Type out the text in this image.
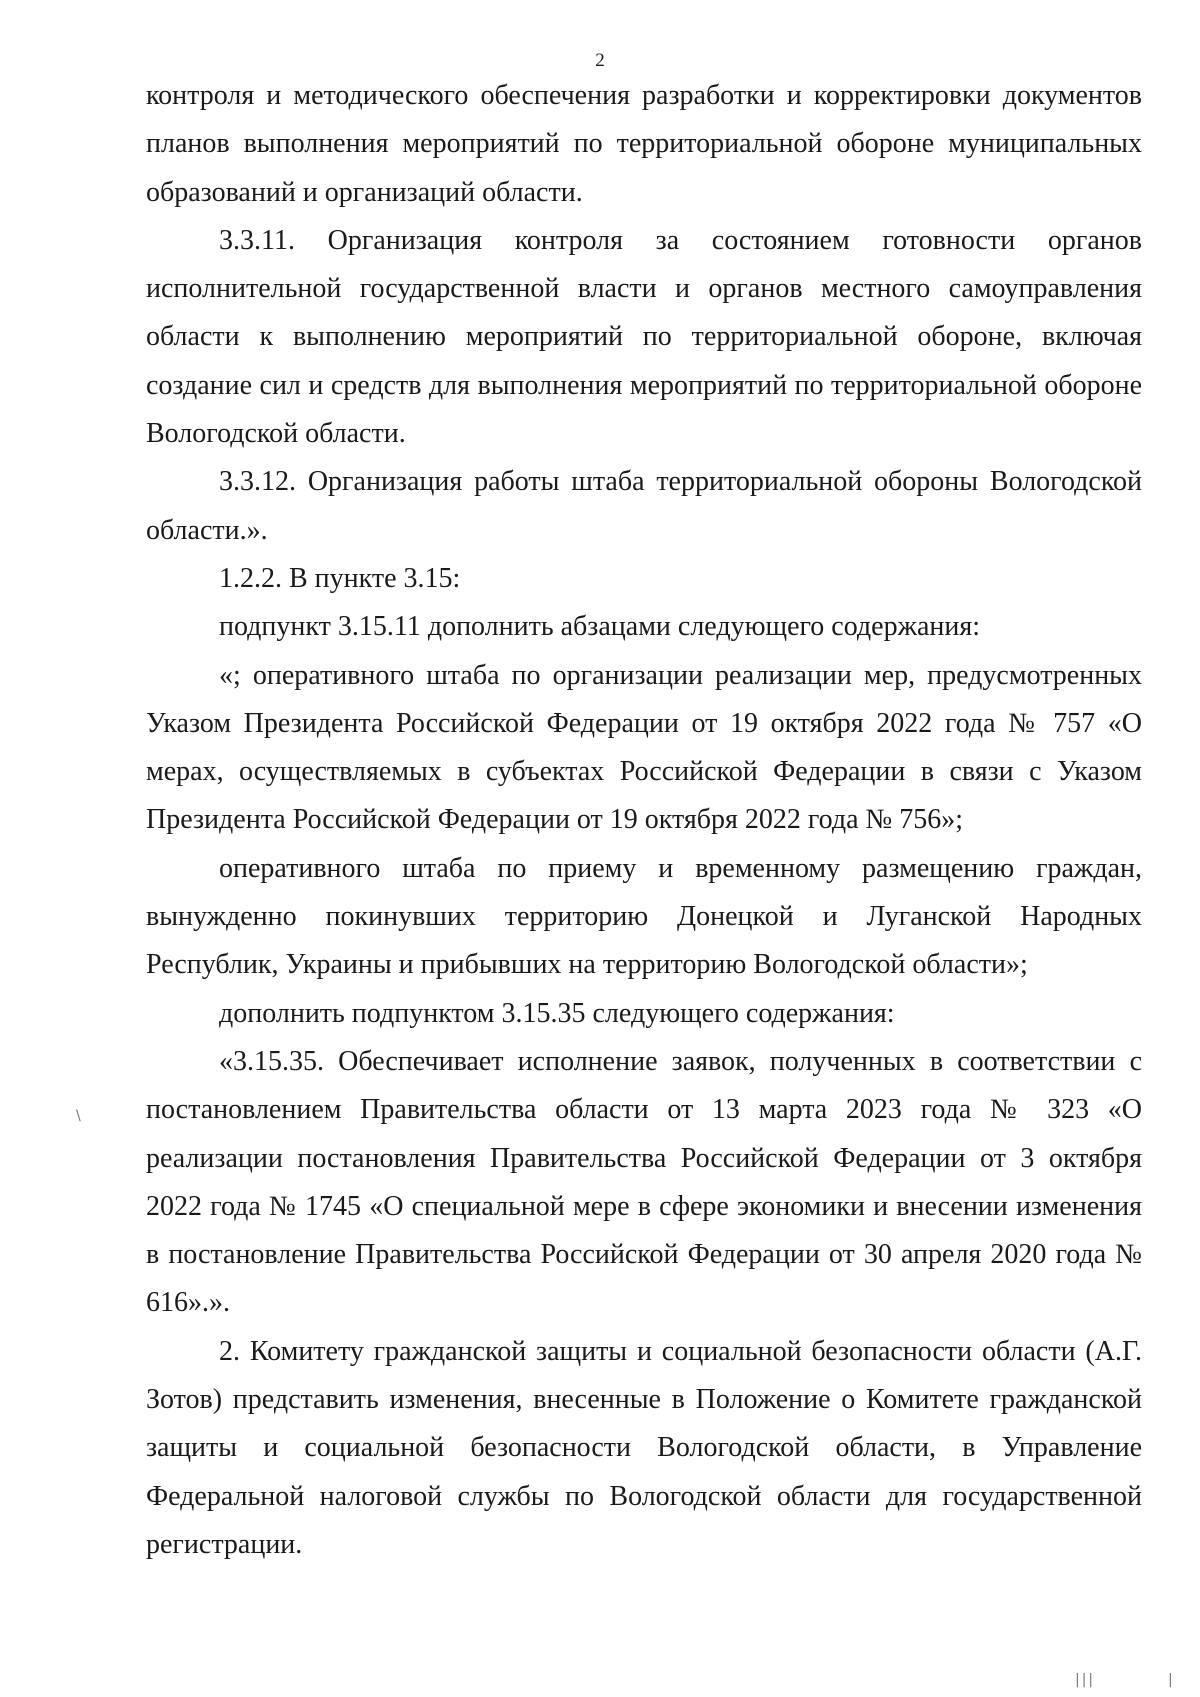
2

контроля и методического обеспечения разработки и корректировки документов планов выполнения мероприятий по территориальной обороне муниципальных образований и организаций области.

3.3.11. Организация контроля за состоянием готовности органов исполнительной государственной власти и органов местного самоуправления области к выполнению мероприятий по территориальной обороне, включая создание сил и средств для выполнения мероприятий по территориальной обороне Вологодской области.

3.3.12. Организация работы штаба территориальной обороны Вологодской области.».

1.2.2. В пункте 3.15:

подпункт 3.15.11 дополнить абзацами следующего содержания:

«; оперативного штаба по организации реализации мер, предусмотренных Указом Президента Российской Федерации от 19 октября 2022 года № 757 «О мерах, осуществляемых в субъектах Российской Федерации в связи с Указом Президента Российской Федерации от 19 октября 2022 года № 756»;

оперативного штаба по приему и временному размещению граждан, вынужденно покинувших территорию Донецкой и Луганской Народных Республик, Украины и прибывших на территорию Вологодской области»;

дополнить подпунктом 3.15.35 следующего содержания:

«3.15.35. Обеспечивает исполнение заявок, полученных в соответствии с постановлением Правительства области от 13 марта 2023 года № 323 «О реализации постановления Правительства Российской Федерации от 3 октября 2022 года № 1745 «О специальной мере в сфере экономики и внесении изменения в постановление Правительства Российской Федерации от 30 апреля 2020 года № 616».».

2. Комитету гражданской защиты и социальной безопасности области (А.Г. Зотов) представить изменения, внесенные в Положение о Комитете гражданской защиты и социальной безопасности Вологодской области, в Управление Федеральной налоговой службы по Вологодской области для государственной регистрации.

\
|||	|
